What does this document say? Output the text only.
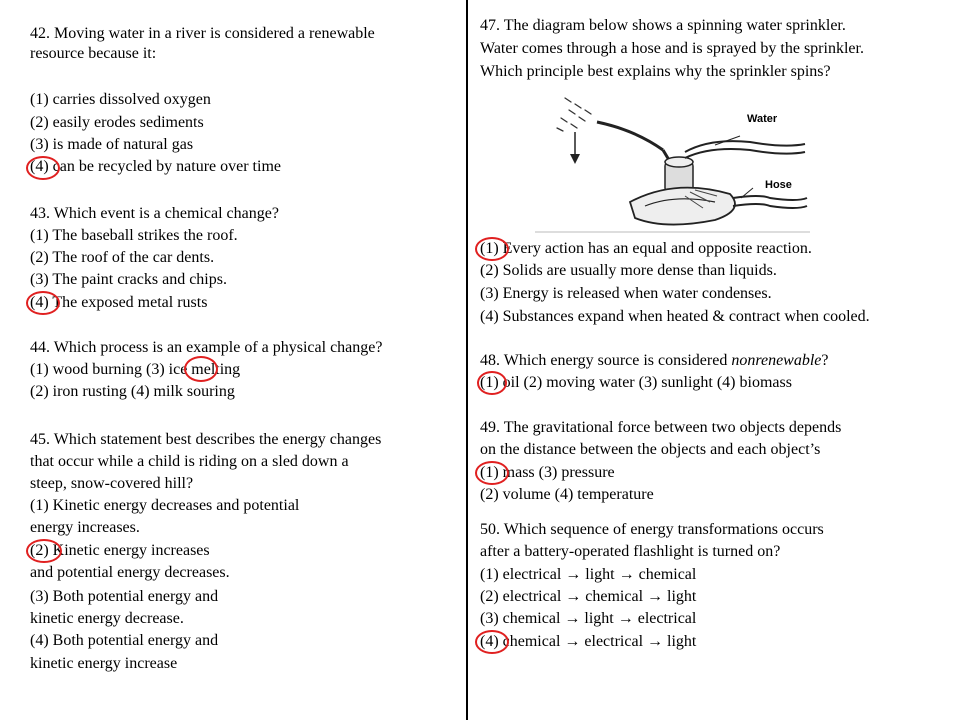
42. Moving water in a river is considered a renewable
resource because it:
(1) carries dissolved oxygen
(2) easily erodes sediments
(3) is made of natural gas
(4) can be recycled by nature over time
43. Which event is a chemical change?
(1) The baseball strikes the roof.
(2) The roof of the car dents.
(3) The paint cracks and chips.
(4) The exposed metal rusts
44. Which process is an example of a physical change?
(1) wood burning (3) ice melting
(2) iron rusting (4) milk souring
45. Which statement best describes the energy changes
that occur while a child is riding on a sled down a
steep, snow-covered hill?
(1) Kinetic energy decreases and potential
energy increases.
(2) Kinetic energy increases
and potential energy decreases.
(3) Both potential energy and
kinetic energy decrease.
(4) Both potential energy and
kinetic energy increase
47. The diagram below shows a spinning water sprinkler.
Water comes through a hose and is sprayed by the sprinkler.
Which principle best explains why the sprinkler spins?
Water
Hose
(1) Every action has an equal and opposite reaction.
(2) Solids are usually more dense than liquids.
(3) Energy is released when water condenses.
(4) Substances expand when heated & contract when cooled.
48. Which energy source is considered nonrenewable?
(1) oil (2) moving water (3) sunlight (4) biomass
49. The gravitational force between two objects depends
on the distance between the objects and each object’s
(1) mass (3) pressure
(2) volume (4) temperature
50. Which sequence of energy transformations occurs
after a battery-operated flashlight is turned on?
(1) electrical → light → chemical
(2) electrical → chemical → light
(3) chemical → light → electrical
(4) chemical → electrical → light
